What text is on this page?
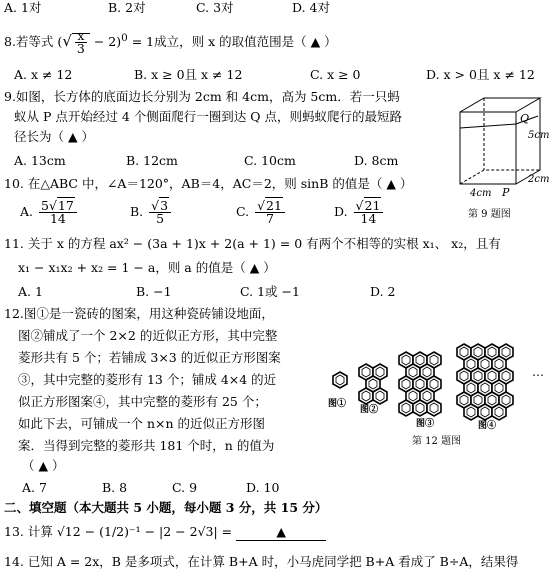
A. 1对	B. 2对	C. 3对	D. 4对
8.若等式 (√ $\frac{x}{3} - 2)^0 = 1$成立，则 x 的取值范围是（ ▲ ）
A. x ≠ 12	B. x ≥ 0且 x ≠ 12	C. x ≥ 0	D. x > 0且 x ≠ 12
9.如图，长方体的底面边长分别为 2cm 和 4cm，高为 5cm．若一只蚂
蚁从 P 点开始经过 4 个侧面爬行一圈到达 Q 点，则蚂蚁爬行的最短路
径长为（ ▲ ）
A. 13cm	B. 12cm	C. 10cm	D. 8cm
Q
P
5cm
2cm
4cm
第 9 题图
10. 在△ABC 中，∠A＝120°，AB＝4，AC＝2，则 sinB 的值是（ ▲ ）
A. $\frac{5√17}{14}$	B. $\frac{√3}{5}$	C. $\frac{√21}{7}$	D. $\frac{√21}{14}$
11. 关于 x 的方程 ax² − (3a + 1)x + 2(a + 1) = 0 有两个不相等的实根 x₁、 x₂，且有
x₁ − x₁x₂ + x₂ = 1 − a，则 a 的值是（ ▲ ）
A. 1	B. −1	C. 1或 −1	D. 2
12.图①是一瓷砖的图案，用这种瓷砖铺设地面，
图②铺成了一个 2×2 的近似正方形，其中完整
菱形共有 5 个；若铺成 3×3 的近似正方形图案
③，其中完整的菱形有 13 个；铺成 4×4 的近
似正方形图案④，其中完整的菱形有 25 个；
如此下去，可铺成一个 n×n 的近似正方形图
案．当得到完整的菱形共 181 个时，n 的值为
（ ▲ ）
A. 7	B. 8	C. 9	D. 10
…
图①
图②
图③	图④
第 12 题图
二、填空题（本大题共 5 小题，每小题 3 分，共 15 分）
13. 计算 √12 − (1/2)⁻¹ − |2 − 2√3| =	▲
14. 已知 A = 2x，B 是多项式，在计算 B+A 时，小马虎同学把 B+A 看成了 B÷A，结果得
